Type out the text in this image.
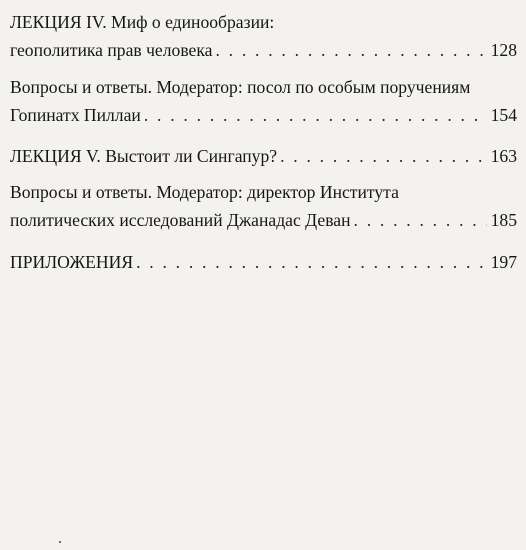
ЛЕКЦИЯ IV. Миф о единообразии:
геополитика прав человека . . .	128
Вопросы и ответы. Модератор: посол по особым поручениям
Гопинатх Пиллаи . . .	154
ЛЕКЦИЯ V. Выстоит ли Сингапур? . . .	163
Вопросы и ответы. Модератор: директор Института
политических исследований Джанадас Деван . . .	185
ПРИЛОЖЕНИЯ . . .	197
